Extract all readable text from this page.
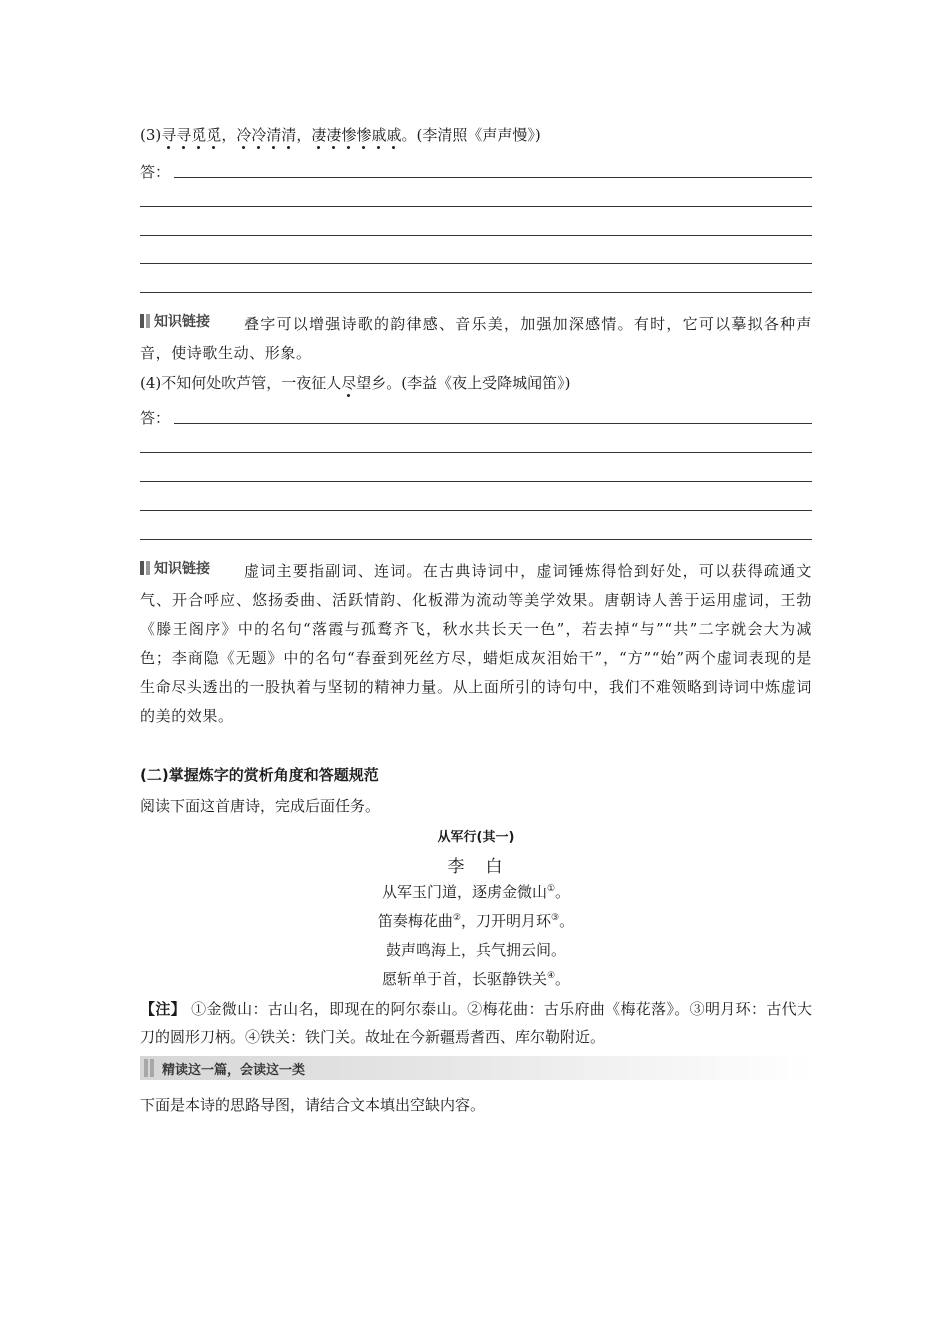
(3)寻寻觅觅，冷冷清清，凄凄惨惨戚戚。(李清照《声声慢》)
答：
知识链接	叠字可以增强诗歌的韵律感、音乐美，加强加深感情。有时，它可以摹拟各种声音，使诗歌生动、形象。
(4)不知何处吹芦管，一夜征人尽望乡。(李益《夜上受降城闻笛》)
答：
知识链接	虚词主要指副词、连词。在古典诗词中，虚词锤炼得恰到好处，可以获得疏通文气、开合呼应、悠扬委曲、活跃情韵、化板滞为流动等美学效果。唐朝诗人善于运用虚词，王勃《滕王阁序》中的名句“落霞与孤鹜齐飞，秋水共长天一色”，若去掉“与”“共”二字就会大为减色；李商隐《无题》中的名句“春蚕到死丝方尽，蜡炬成灰泪始干”，“方”“始”两个虚词表现的是生命尽头透出的一股执着与坚韧的精神力量。从上面所引的诗句中，我们不难领略到诗词中炼虚词的美的效果。
(二)掌握炼字的赏析角度和答题规范
阅读下面这首唐诗，完成后面任务。
从军行(其一)
李　白
从军玉门道，逐虏金微山①。
笛奏梅花曲②，刀开明月环③。
鼓声鸣海上，兵气拥云间。
愿斩单于首，长驱静铁关④。
【注】 ①金微山：古山名，即现在的阿尔泰山。②梅花曲：古乐府曲《梅花落》。③明月环：古代大刀的圆形刀柄。④铁关：铁门关。故址在今新疆焉耆西、库尔勒附近。
精读这一篇，会读这一类
下面是本诗的思路导图，请结合文本填出空缺内容。
